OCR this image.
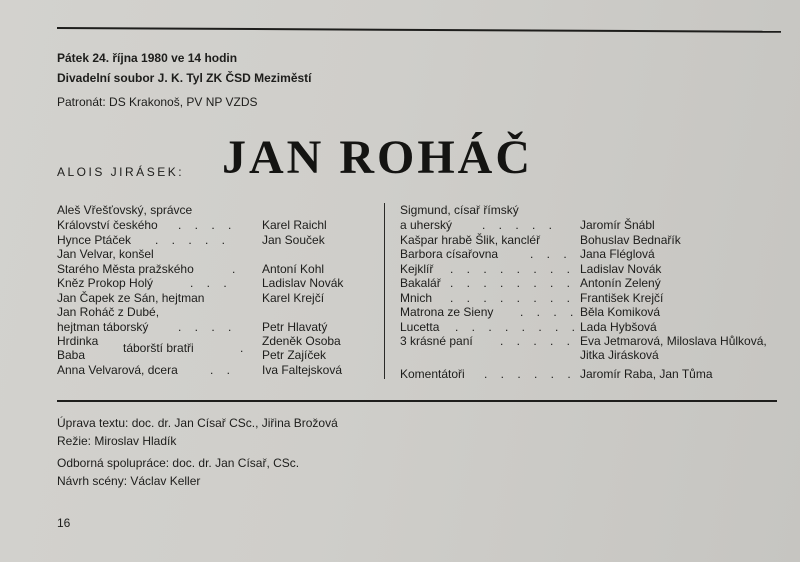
Pátek 24. října 1980 ve 14 hodin
Divadelní soubor J. K. Tyl ZK ČSD Meziměstí
Patronát: DS Krakonoš, PV NP VZDS
ALOIS JIRÁSEK: JAN ROHÁČ
Aleš Vřešťovský, správce
Království českého . . . . Karel Raichl
Hynce Ptáček . . . . .	Jan Souček
Jan Velvar, konšel
Starého Města pražského	. Antoní Kohl
Kněz Prokop Holý	. . .	Ladislav Novák
Jan Čapek ze Sán, hejtman	Karel Krejčí
Jan Roháč z Dubé,
hejtman táborský . . . . Petr Hlavatý
Hrdinka
Baba	táborští bratři	. Zdeněk Osoba
Petr Zajíček
Anna Velvarová, dcera	. . Iva Faltejsková
Sigmund, císař římský
a uherský . . . . . Jaromír Šnábl
Kašpar hrabě Šlik, kancléř	Bohuslav Bednařík
Barbora císařovna	. . . Jana Fléglová
Kejklíř . . . . . . . . Ladislav Novák
Bakalář . . . . . . . . Antonín Zelený
Mnich . . . . . . . . František Krejčí
Matrona ze Sieny . . . . Běla Komiková
Lucetta . . . . . . . . Lada Hybšová
3 krásné paní . . . . . Eva Jetmarová, Miloslava Hůlková,
Jitka Jirásková
Komentátoři . . . . . . Jaromír Raba, Jan Tůma
Úprava textu: doc. dr. Jan Císař CSc., Jiřina Brožová
Režie: Miroslav Hladík
Odborná spolupráce: doc. dr. Jan Císař, CSc.
Návrh scény: Václav Keller
16
